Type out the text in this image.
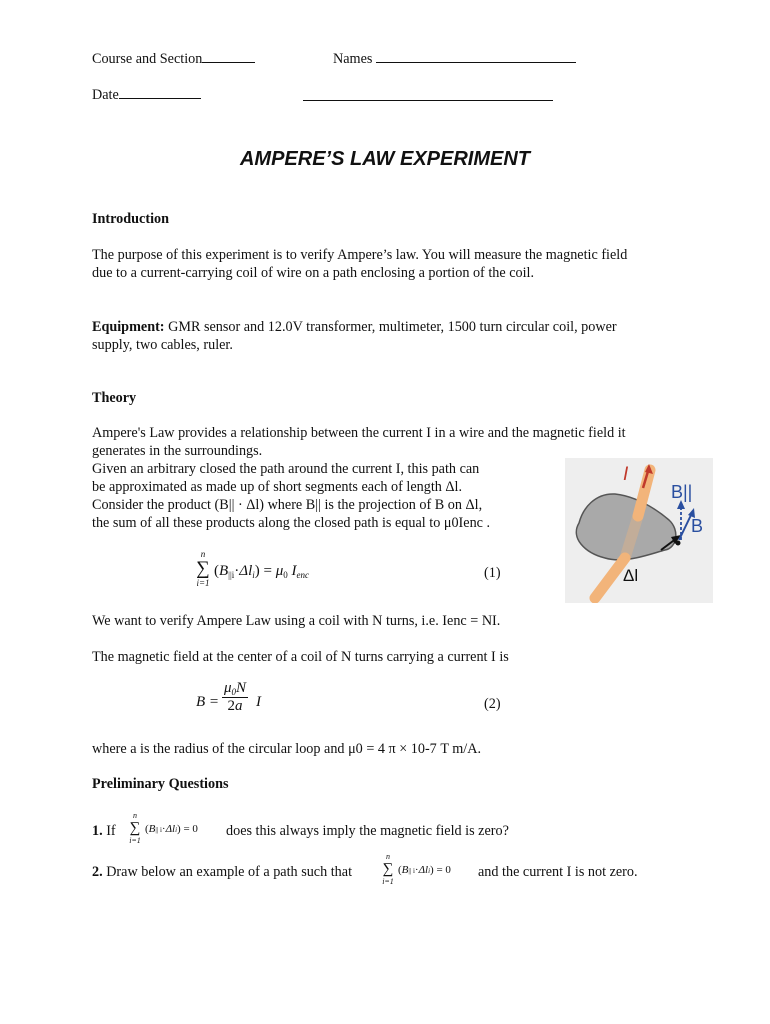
Course and Section	Names
Date
AMPERE’S LAW EXPERIMENT
Introduction
The purpose of this experiment is to verify Ampere’s law. You will measure the magnetic field
due to a current-carrying coil of wire on a path enclosing a portion of the coil.
Equipment: GMR sensor and 12.0V transformer, multimeter, 1500 turn circular coil, power
supply, two cables, ruler.
Theory
Ampere's Law provides a relationship between the current I in a wire and the magnetic field it
generates in the surroundings.
Given an arbitrary closed the path around the current I, this path can
be approximated as made up of short segments each of length Δl.
Consider the product (B|| · Δl) where B|| is the projection of B on Δl,
the sum of all these products along the closed path is equal to μ0Ienc .
n
∑
i=1
$(B_{||i}\cdot\Delta l_i) = \mu_0$ $I_{enc}$	(1)
I
B||
B
Δl
We want to verify Ampere Law using a coil with N turns, i.e. Ienc = NI.
The magnetic field at the center of a coil of N turns carrying a current I is
$B = \frac{\mu_0N}{2a}$ I	(2)
where a is the radius of the circular loop and μ0 = 4 π × 10-7 T m/A.
Preliminary Questions
1. If
n
∑
i=1
(B|| i·Δli) = 0 does this always imply the magnetic field is zero?
2. Draw below an example of a path such that
n
∑
i=1
(B|| i·Δli) = 0 and the current I is not zero.
